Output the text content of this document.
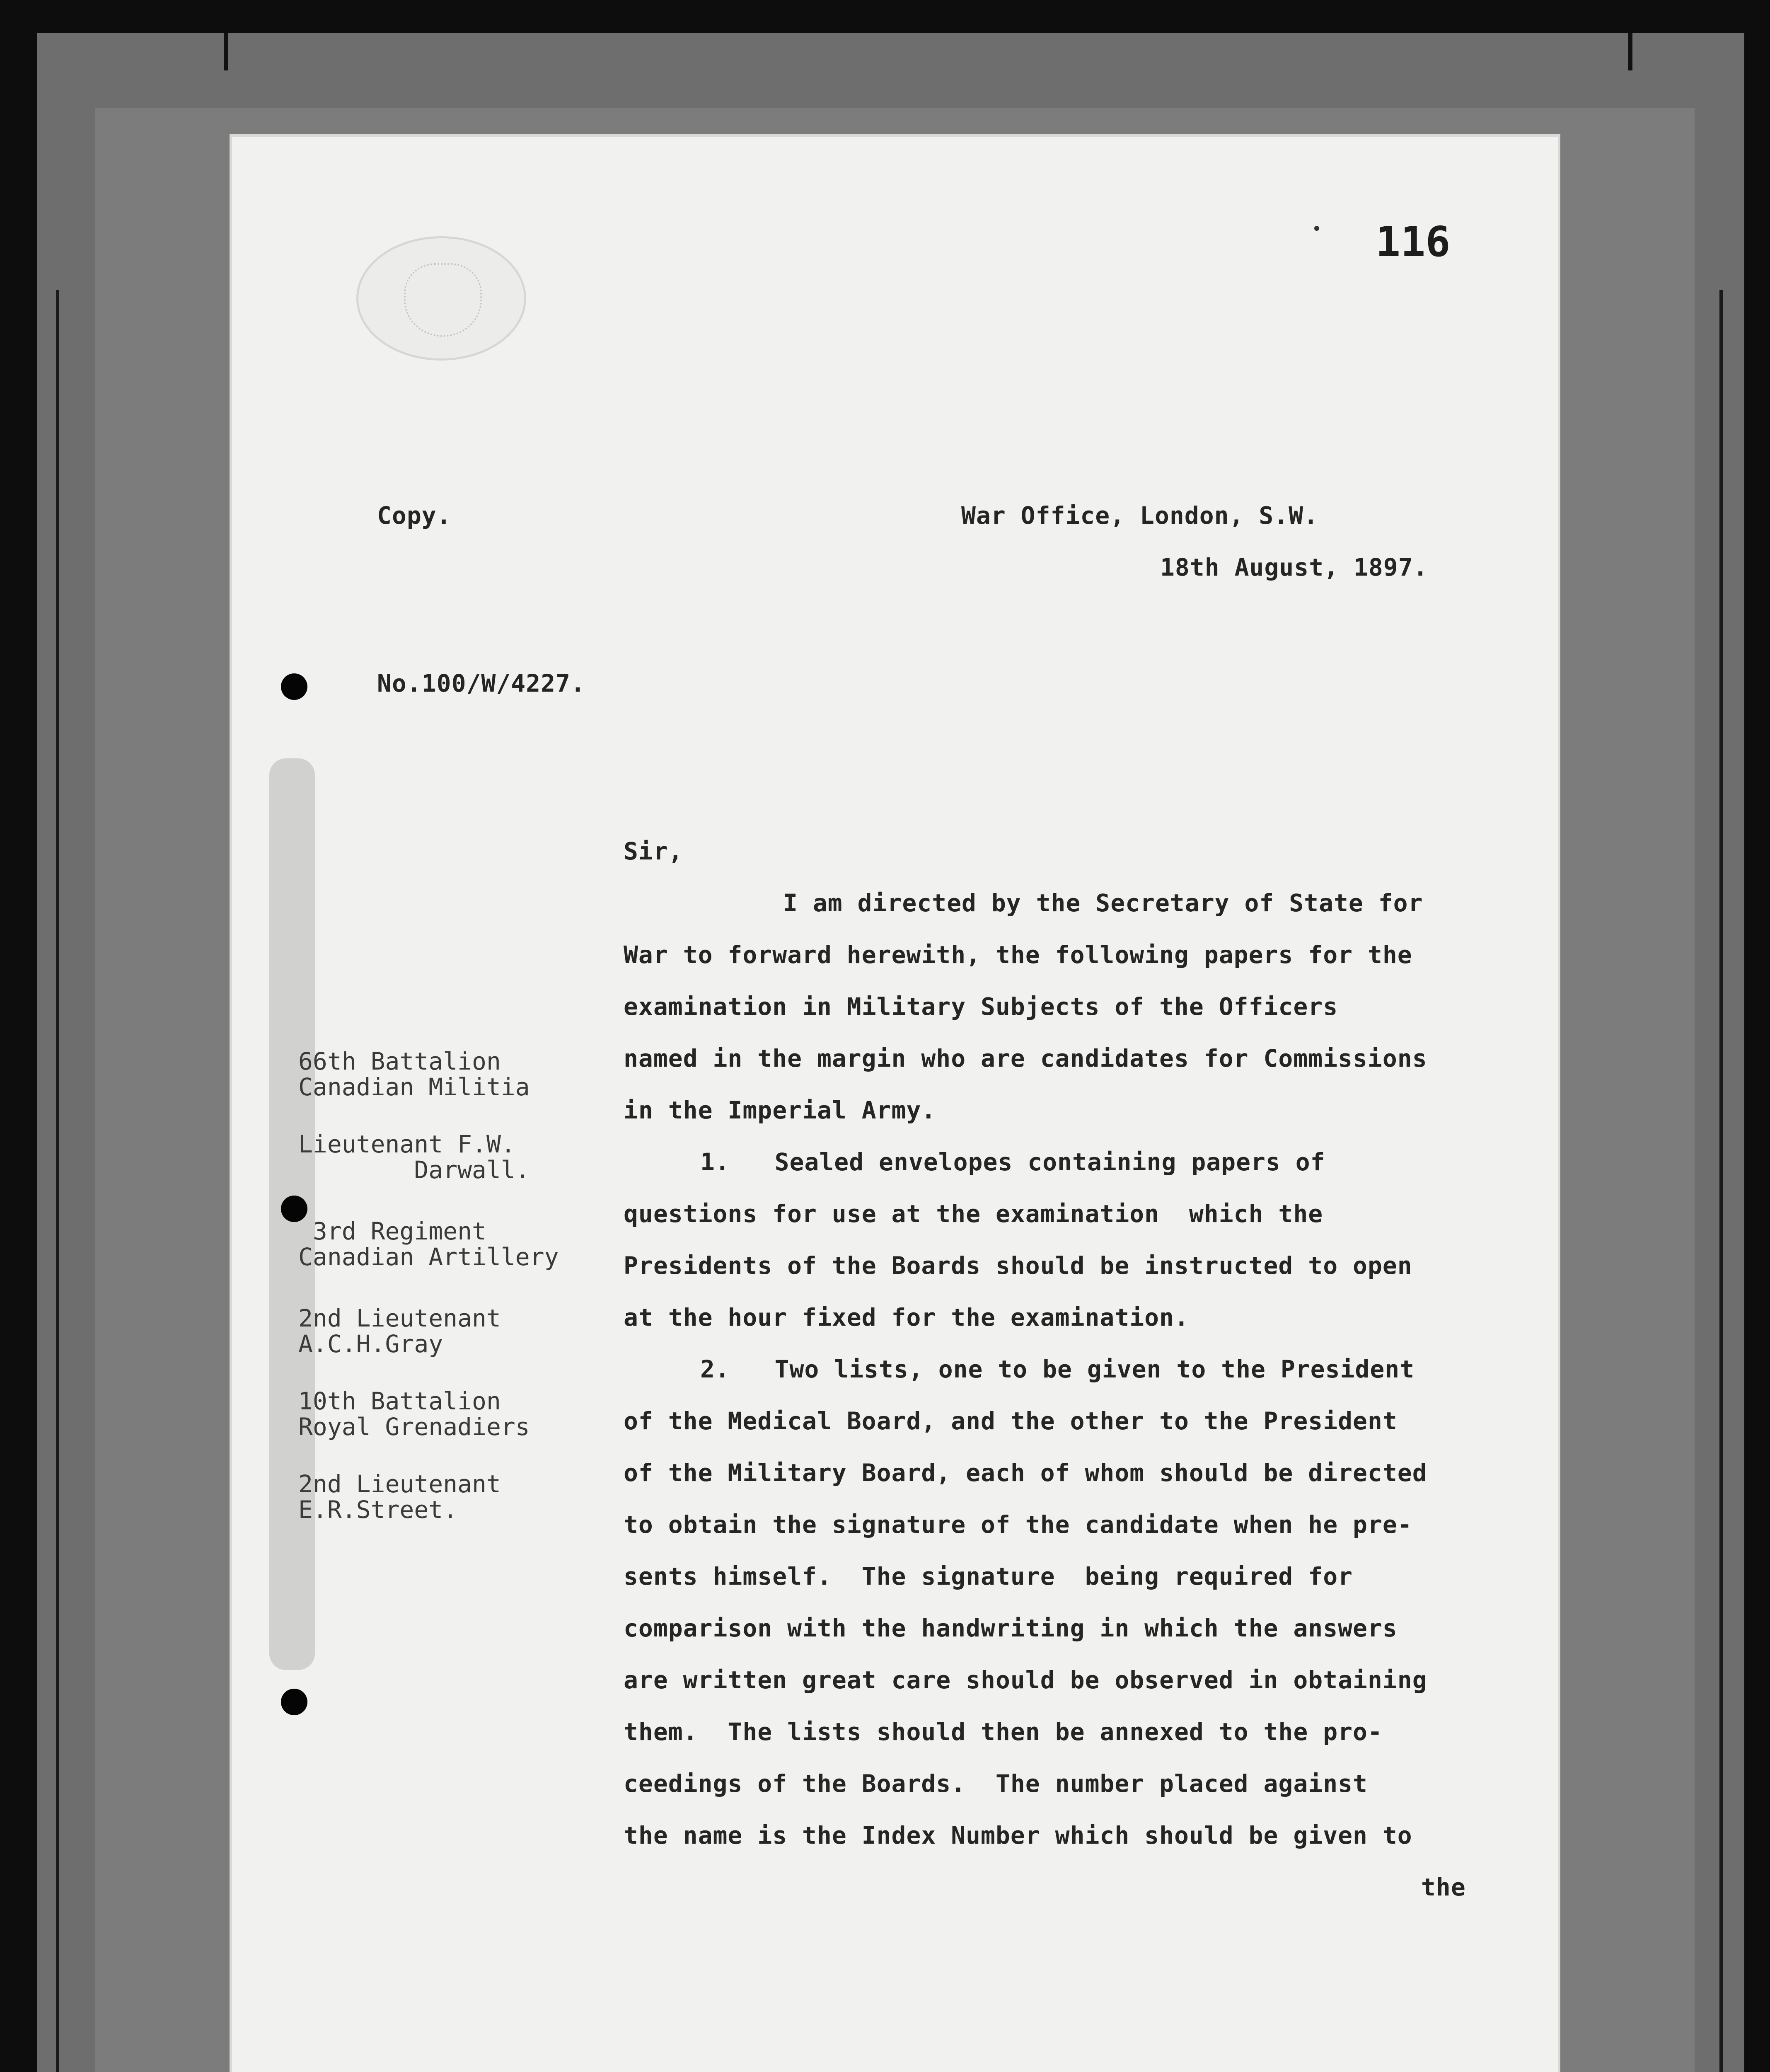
116
Copy.	War Office, London, S.W.
18th August, 1897.
No.100/W/4227.
Sir,
I am directed by the Secretary of State for
War to forward herewith, the following papers for the
examination in Military Subjects of the Officers
named in the margin who are candidates for Commissions
in the Imperial Army.
1.   Sealed envelopes containing papers of
questions for use at the examination  which the
Presidents of the Boards should be instructed to open
at the hour fixed for the examination.
2.   Two lists, one to be given to the President
of the Medical Board, and the other to the President
of the Military Board, each of whom should be directed
to obtain the signature of the candidate when he pre-
sents himself.  The signature  being required for
comparison with the handwriting in which the answers
are written great care should be observed in obtaining
them.  The lists should then be annexed to the pro-
ceedings of the Boards.  The number placed against
the name is the Index Number which should be given to
the
66th Battalion
Canadian Militia
Lieutenant F.W.
Darwall.
3rd Regiment
Canadian Artillery
2nd Lieutenant
A.C.H.Gray
10th Battalion
Royal Grenadiers
2nd Lieutenant
E.R.Street.
